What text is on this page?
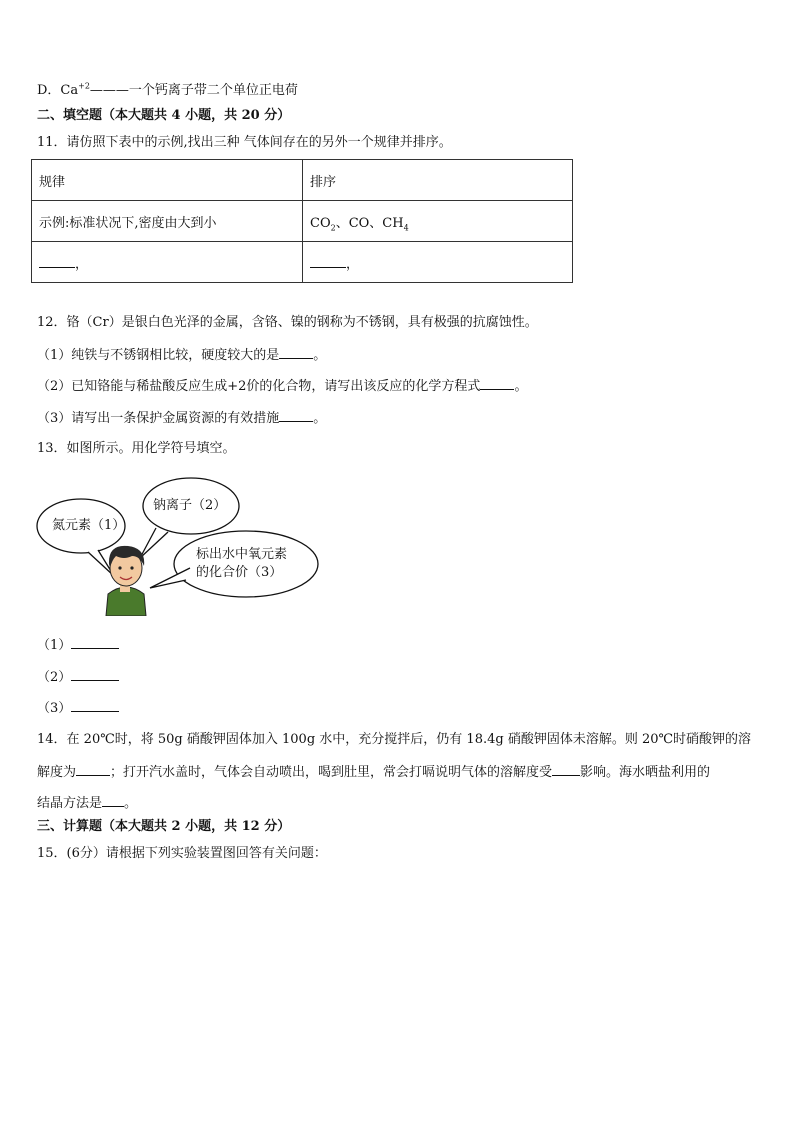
D．$Ca^{+2}———$一个钙离子带二个单位正电荷
二、填空题（本大题共 4 小题，共 20 分）
11．请仿照下表中的示例,找出三种 气体间存在的另外一个规律并排序。
规律	排序
示例:标准状况下,密度由大到小	$CO_2$、CO、$CH_4$
，	，
12．铬（Cr）是银白色光泽的金属，含铬、镍的钢称为不锈钢，具有极强的抗腐蚀性。
（1）纯铁与不锈钢相比较，硬度较大的是	。
（2）已知铬能与稀盐酸反应生成+2价的化合物，请写出该反应的化学方程式	。
（3）请写出一条保护金属资源的有效措施	。
13．如图所示。用化学符号填空。
氮元素（1）
钠离子（2）
标出水中氧元素
的化合价（3）
（1）
（2）
（3）
14．在 20℃时，将 50g 硝酸钾固体加入 100g 水中，充分搅拌后，仍有 18.4g 硝酸钾固体未溶解。则 20℃时硝酸钾的溶
解度为	；打开汽水盖时，气体会自动喷出，喝到肚里，常会打嗝说明气体的溶解度受 影响。海水晒盐利用的
结晶方法是 。
三、计算题（本大题共 2 小题，共 12 分）
15．(6分）请根据下列实验装置图回答有关问题：
